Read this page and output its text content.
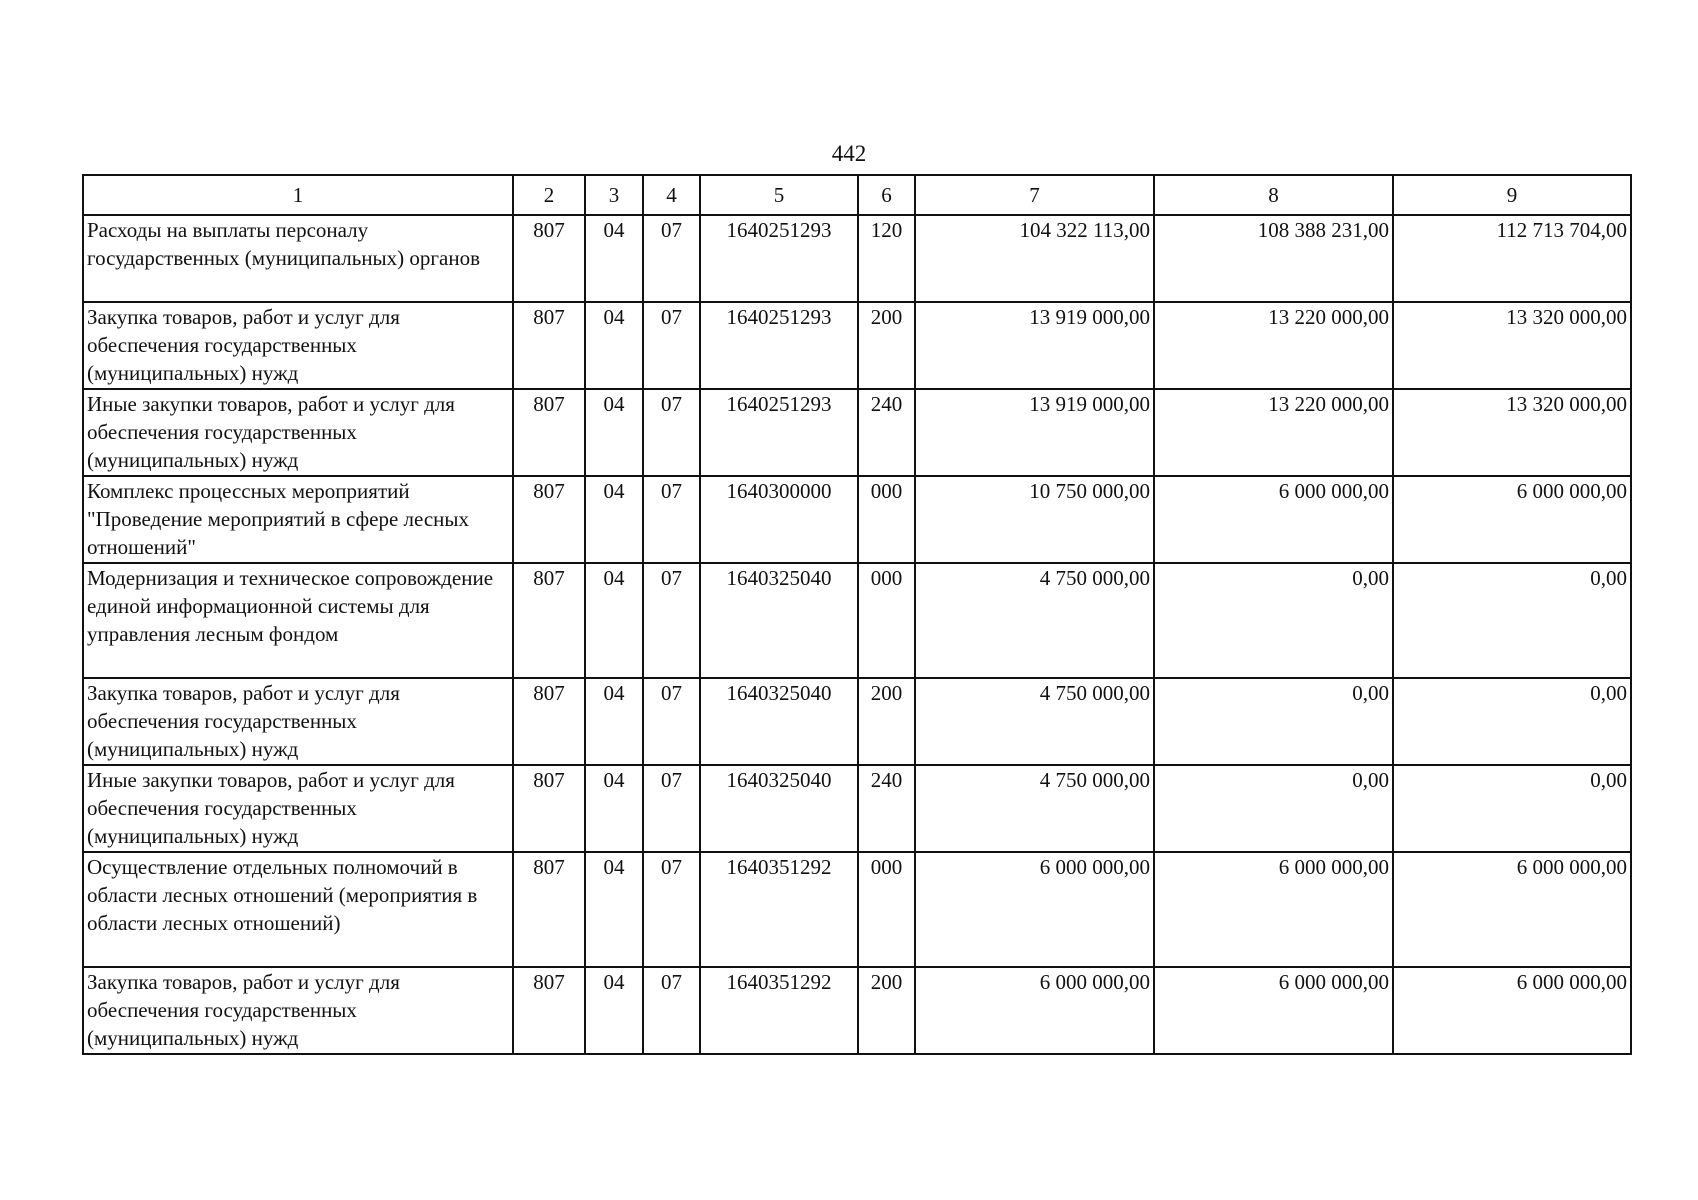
442
1	2	3	4	5	6	7	8	9
Расходы на выплаты персоналу государственных (муниципальных) органов	807	04	07	1640251293	120	104 322 113,00	108 388 231,00	112 713 704,00
Закупка товаров, работ и услуг для обеспечения государственных (муниципальных) нужд	807	04	07	1640251293	200	13 919 000,00	13 220 000,00	13 320 000,00
Иные закупки товаров, работ и услуг для обеспечения государственных (муниципальных) нужд	807	04	07	1640251293	240	13 919 000,00	13 220 000,00	13 320 000,00
Комплекс процессных мероприятий "Проведение мероприятий в сфере лесных отношений"	807	04	07	1640300000	000	10 750 000,00	6 000 000,00	6 000 000,00
Модернизация и техническое сопровождение единой информационной системы для управления лесным фондом	807	04	07	1640325040	000	4 750 000,00	0,00	0,00
Закупка товаров, работ и услуг для обеспечения государственных (муниципальных) нужд	807	04	07	1640325040	200	4 750 000,00	0,00	0,00
Иные закупки товаров, работ и услуг для обеспечения государственных (муниципальных) нужд	807	04	07	1640325040	240	4 750 000,00	0,00	0,00
Осуществление отдельных полномочий в области лесных отношений (мероприятия в области лесных отношений)	807	04	07	1640351292	000	6 000 000,00	6 000 000,00	6 000 000,00
Закупка товаров, работ и услуг для обеспечения государственных (муниципальных) нужд	807	04	07	1640351292	200	6 000 000,00	6 000 000,00	6 000 000,00
